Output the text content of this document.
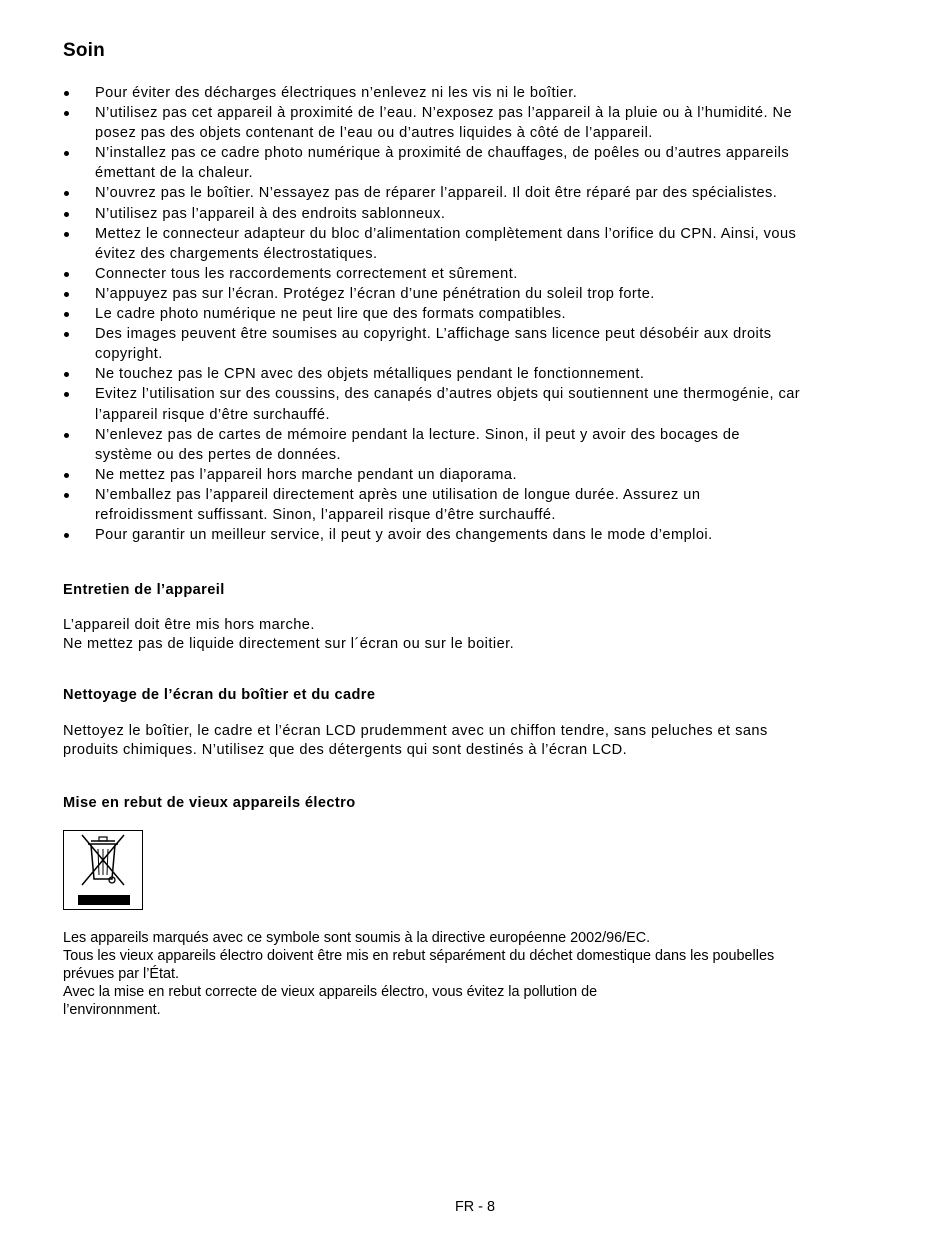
Soin
Pour éviter des décharges électriques n’enlevez ni les vis ni le boîtier.
N’utilisez pas cet appareil à proximité de l’eau. N’exposez pas l’appareil à la pluie ou à l’humidité. Ne
posez pas des objets contenant de l’eau ou d’autres liquides à côté de l’appareil.
N’installez pas ce cadre photo numérique à proximité de chauffages, de poêles ou d’autres appareils
émettant de la chaleur.
N’ouvrez pas le boîtier. N’essayez pas de réparer l’appareil. Il doit être réparé par des spécialistes.
N’utilisez pas l’appareil à des endroits sablonneux.
Mettez le connecteur adapteur du bloc d’alimentation complètement dans l’orifice du CPN. Ainsi, vous
évitez des chargements électrostatiques.
Connecter tous les raccordements correctement et sûrement.
N’appuyez pas sur l’écran. Protégez l’écran d’une pénétration du soleil trop forte.
Le cadre photo numérique ne peut lire que des formats compatibles.
Des images peuvent être soumises au copyright. L’affichage sans licence peut désobéir aux droits
copyright.
Ne touchez pas le CPN avec des objets métalliques pendant le fonctionnement.
Evitez l’utilisation sur des coussins, des canapés d’autres objets qui soutiennent une thermogénie, car
l’appareil risque d’être surchauffé.
N’enlevez pas de cartes de mémoire pendant la lecture. Sinon, il peut y avoir des bocages de
système ou des pertes de données.
Ne mettez pas l’appareil hors marche pendant un diaporama.
N’emballez pas l’appareil directement après une utilisation de longue durée. Assurez un
refroidissment suffissant. Sinon, l’appareil risque d’être surchauffé.
Pour garantir un meilleur service, il peut y avoir des changements dans le mode d’emploi.
Entretien de l’appareil

L’appareil doit être mis hors marche.
Ne mettez pas de liquide directement sur l´écran ou sur le boitier.

Nettoyage de l’écran du boîtier et du cadre

Nettoyez le boîtier, le cadre et l’écran LCD prudemment avec un chiffon tendre, sans peluches et sans
produits chimiques. N’utilisez que des détergents qui sont destinés à l’écran LCD.

Mise en rebut de vieux appareils électro

Les appareils marqués avec ce symbole sont soumis à la directive européenne 2002/96/EC.
Tous les vieux appareils électro doivent être mis en rebut séparément du déchet domestique dans les poubelles
prévues par l’État.
Avec la mise en rebut correcte de vieux appareils électro, vous évitez la pollution de
l’environnment.

FR - 8
